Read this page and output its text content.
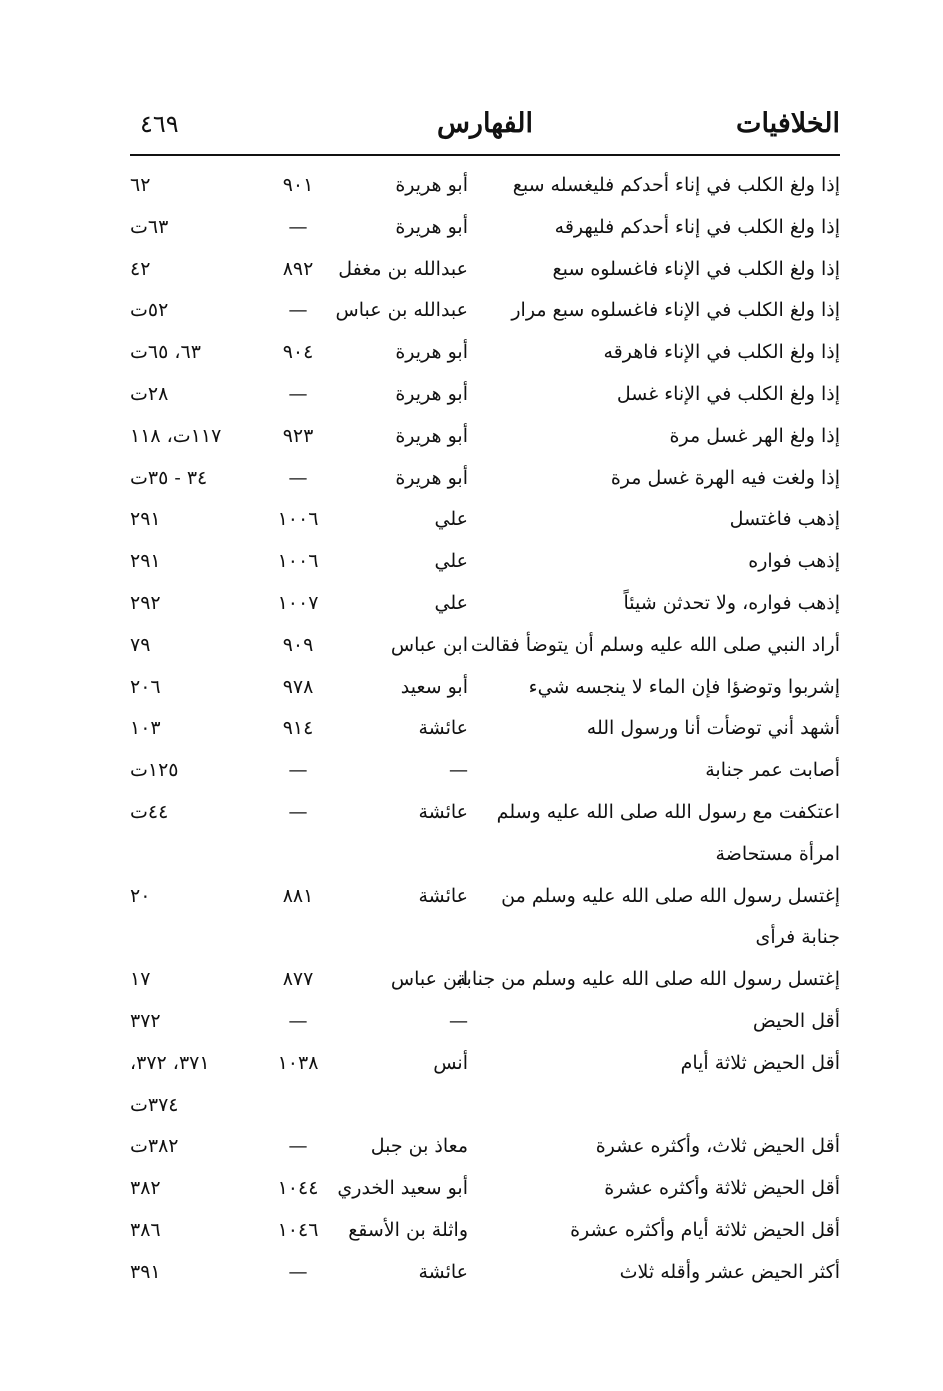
الخلافيات
الفهارس
٤٦٩
إذا ولغ الكلب في إناء أحدكم فليغسله سبع
أبو هريرة
٩٠١
٦٢
إذا ولغ الكلب في إناء أحدكم فليهرقه
أبو هريرة
—
٦٣ت
إذا ولغ الكلب في الإناء فاغسلوه سبع
عبدالله بن مغفل
٨٩٢
٤٢
إذا ولغ الكلب في الإناء فاغسلوه سبع مرار
عبدالله بن عباس
—
٥٢ت
إذا ولغ الكلب في الإناء فاهرقه
أبو هريرة
٩٠٤
٦٣، ٦٥ت
إذا ولغ الكلب في الإناء غسل
أبو هريرة
—
٢٨ت
إذا ولغ الهر غسل مرة
أبو هريرة
٩٢٣
١١٧ت، ١١٨
إذا ولغت فيه الهرة غسل مرة
أبو هريرة
—
٣٤ - ٣٥ت
إذهب فاغتسل
علي
١٠٠٦
٢٩١
إذهب فواره
علي
١٠٠٦
٢٩١
إذهب فواره، ولا تحدثن شيئاً
علي
١٠٠٧
٢٩٢
أراد النبي صلى الله عليه وسلم أن يتوضأ فقالت
ابن عباس
٩٠٩
٧٩
إشربوا وتوضؤا فإن الماء لا ينجسه شيء
أبو سعيد
٩٧٨
٢٠٦
أشهد أني توضأت أنا ورسول الله
عائشة
٩١٤
١٠٣
أصابت عمر جنابة
—
—
١٢٥ت
اعتكفت مع رسول الله صلى الله عليه وسلم
عائشة
—
٤٤ت
امرأة مستحاضة
إغتسل رسول الله صلى الله عليه وسلم من
عائشة
٨٨١
٢٠
جنابة فرأى
إغتسل رسول الله صلى الله عليه وسلم من جنابة
ابن عباس
٨٧٧
١٧
أقل الحيض
—
—
٣٧٢
أقل الحيض ثلاثة أيام
أنس
١٠٣٨
٣٧١، ٣٧٢،
٣٧٤ت
أقل الحيض ثلاث، وأكثره عشرة
معاذ بن جبل
—
٣٨٢ت
أقل الحيض ثلاثة وأكثره عشرة
أبو سعيد الخدري
١٠٤٤
٣٨٢
أقل الحيض ثلاثة أيام وأكثره عشرة
واثلة بن الأسقع
١٠٤٦
٣٨٦
أكثر الحيض عشر وأقله ثلاث
عائشة
—
٣٩١
